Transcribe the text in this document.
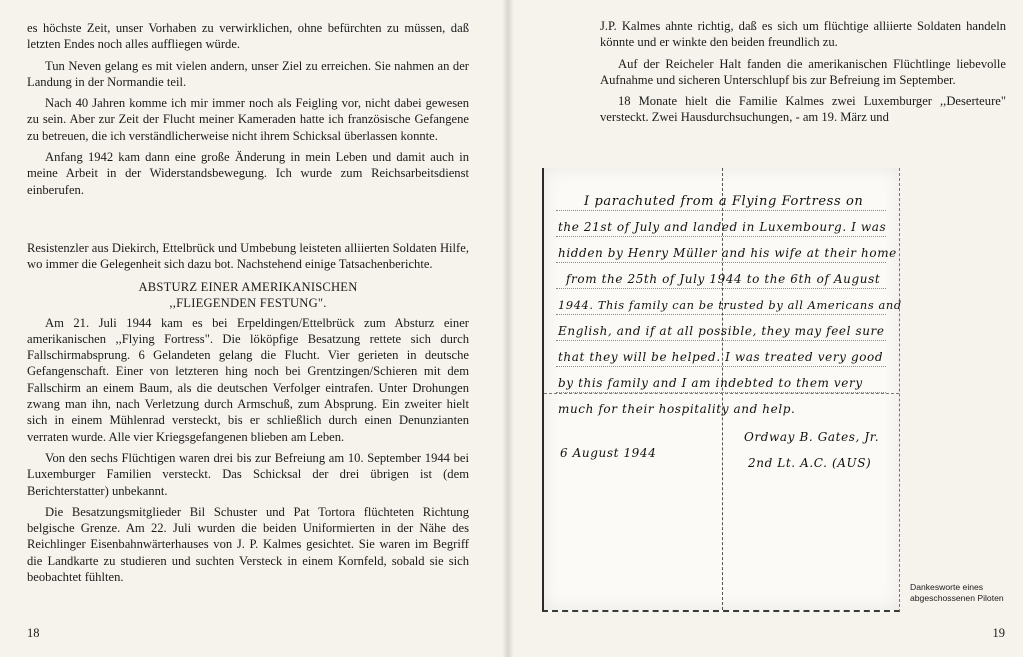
es höchste Zeit, unser Vorhaben zu verwirklichen, ohne befürchten zu müssen, daß letzten Endes noch alles auffliegen würde.

Tun Neven gelang es mit vielen andern, unser Ziel zu erreichen. Sie nahmen an der Landung in der Normandie teil.

Nach 40 Jahren komme ich mir immer noch als Feigling vor, nicht dabei gewesen zu sein. Aber zur Zeit der Flucht meiner Kameraden hatte ich französische Gefangene zu betreuen, die ich verständlicherweise nicht ihrem Schicksal überlassen konnte.

Anfang 1942 kam dann eine große Änderung in mein Leben und damit auch in meine Arbeit in der Widerstandsbewegung. Ich wurde zum Reichsarbeitsdienst einberufen.

Resistenzler aus Diekirch, Ettelbrück und Umbebung leisteten alliierten Soldaten Hilfe, wo immer die Gelegenheit sich dazu bot. Nachstehend einige Tatsachenberichte.

ABSTURZ EINER AMERIKANISCHEN
,,FLIEGENDEN FESTUNG".

Am 21. Juli 1944 kam es bei Erpeldingen/Ettelbrück zum Absturz einer amerikanischen ,,Flying Fortress". Die lököpfige Besatzung rettete sich durch Fallschirmabsprung. 6 Gelandeten gelang die Flucht. Vier gerieten in deutsche Gefangenschaft. Einer von letzteren hing noch bei Grentzingen/Schieren mit dem Fallschirm an einem Baum, als die deutschen Verfolger eintrafen. Unter Drohungen zwang man ihn, nach Verletzung durch Armschuß, zum Absprung. Ein zweiter hielt sich in einem Mühlenrad versteckt, bis er schließlich durch einen Denunzianten verraten wurde. Alle vier Kriegsgefangenen blieben am Leben.

Von den sechs Flüchtigen waren drei bis zur Befreiung am 10. September 1944 bei Luxemburger Familien versteckt. Das Schicksal der drei übrigen ist (dem Berichterstatter) unbekannt.

Die Besatzungsmitglieder Bil Schuster und Pat Tortora flüchteten Richtung belgische Grenze. Am 22. Juli wurden die beiden Uniformierten in der Nähe des Reichlinger Eisenbahnwärterhauses von J. P. Kalmes gesichtet. Sie waren im Begriff die Landkarte zu studieren und suchten Versteck in einem Kornfeld, sobald sie sich beobachtet fühlten.

18

J.P. Kalmes ahnte richtig, daß es sich um flüchtige alliierte Soldaten handeln könnte und er winkte den beiden freundlich zu.

Auf der Reicheler Halt fanden die amerikanischen Flüchtlinge liebevolle Aufnahme und sicheren Unterschlupf bis zur Befreiung im September.

18 Monate hielt die Familie Kalmes zwei Luxemburger ,,Deserteure" versteckt. Zwei Hausdurchsuchungen, - am 19. März und

I parachuted from a Flying Fortress on
the 21st of July and landed in Luxembourg. I was
hidden by Henry Müller and his wife at their home
from the 25th of July 1944 to the 6th of August
1944. This family can be trusted by all Americans and
English, and if at all possible, they may feel sure
that they will be helped. I was treated very good
by this family and I am indebted to them very
much for their hospitality and help.
Ordway B. Gates, Jr.
6 August 1944
2nd Lt. A.C. (AUS)
Dankesworte eines
abgeschossenen Piloten
19
